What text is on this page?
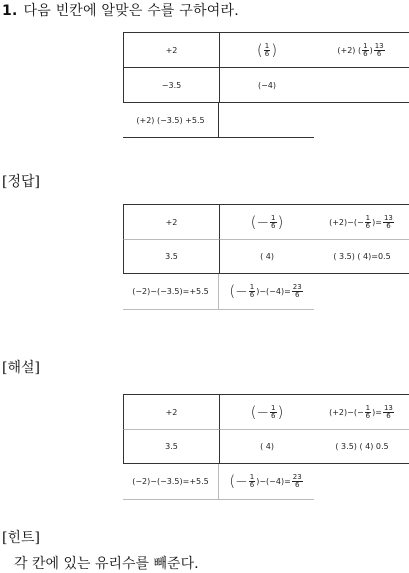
1. 다음 빈칸에 알맞은 수를 구하여라.
+2	( $\frac{1}{6}$ )	(+2) ( $\frac{1}{6}$ ) $\frac{13}{6}$
−3.5	(−4)
(+2) (−3.5) +5.5
[정답]
+2	(− $\frac{1}{6}$ )	$(+2)-(- \frac{1}{6}$ )= $\frac{13}{6}$
3.5	( 4)	( 3.5) ( 4)=0.5
(−2)−(−3.5)=+5.5 (− $\frac{1}{6} )-(-4)= \frac{23}{6}$
[해설]
+2	(− $\frac{1}{6}$ )	$(+2)-(- \frac{1}{6}$ )= $\frac{13}{6}$
3.5	( 4)	( 3.5) ( 4) 0.5
(−2)−(−3.5)=+5.5 (− $\frac{1}{6} )-(-4)= \frac{23}{6}$
[힌트]
각 칸에 있는 유리수를 빼준다.
